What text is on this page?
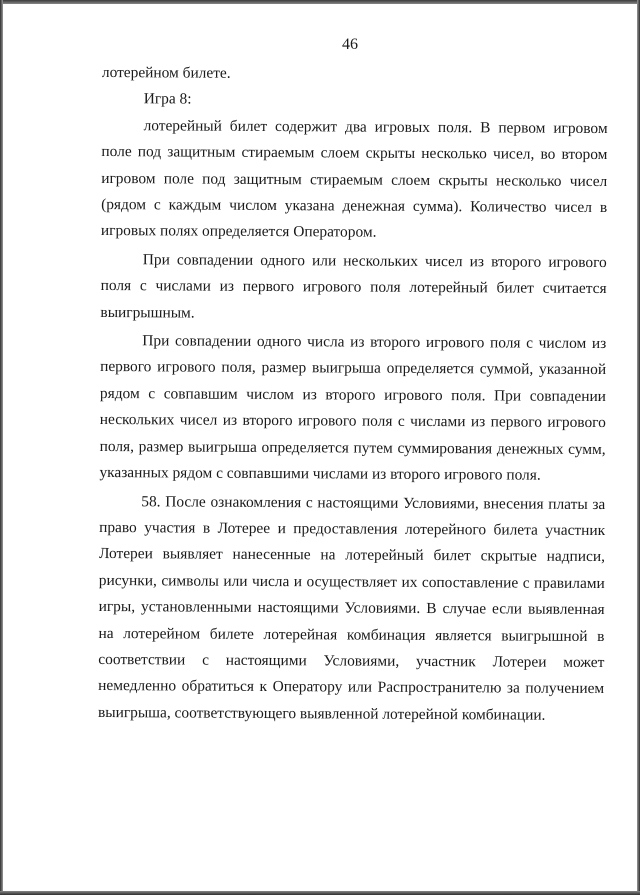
46

лотерейном билете.

Игра 8:

лотерейный билет содержит два игровых поля. В первом игровом поле под защитным стираемым слоем скрыты несколько чисел, во втором игровом поле под защитным стираемым слоем скрыты несколько чисел (рядом с каждым числом указана денежная сумма). Количество чисел в игровых полях определяется Оператором.

При совпадении одного или нескольких чисел из второго игрового поля с числами из первого игрового поля лотерейный билет считается выигрышным.

При совпадении одного числа из второго игрового поля с числом из первого игрового поля, размер выигрыша определяется суммой, указанной рядом с совпавшим числом из второго игрового поля. При совпадении нескольких чисел из второго игрового поля с числами из первого игрового поля, размер выигрыша определяется путем суммирования денежных сумм, указанных рядом с совпавшими числами из второго игрового поля.

58. После ознакомления с настоящими Условиями, внесения платы за право участия в Лотерее и предоставления лотерейного билета участник Лотереи выявляет нанесенные на лотерейный билет скрытые надписи, рисунки, символы или числа и осуществляет их сопоставление с правилами игры, установленными настоящими Условиями. В случае если выявленная на лотерейном билете лотерейная комбинация является выигрышной в соответствии с настоящими Условиями, участник Лотереи может немедленно обратиться к Оператору или Распространителю за получением выигрыша, соответствующего выявленной лотерейной комбинации.
